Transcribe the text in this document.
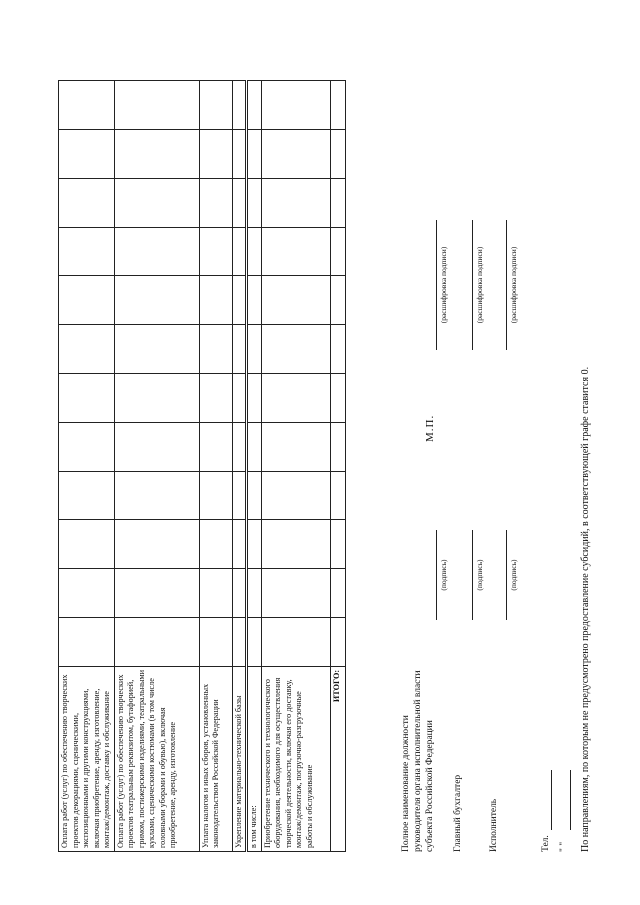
Оплата работ (услуг) по обеспечению творческих проектов декорациями, сценическими, экспозиционными и другими конструкциями, включая приобретение, аренду, изготовление, монтаж/демонтаж, доставку и обслуживание												
Оплата работ (услуг) по обеспечению творческих проектов театральным реквизитом, бутафорией, гримом, постижерскими изделиями, театральными куклами, сценическими костюмами (в том числе головными уборами и обувью), включая приобретение, аренду, изготовление												
Уплата налогов и иных сборов, установленных законодательством Российской Федерации												
Укрепление материально-технической базы												
в том числе:												
Приобретение технического и технологического оборудования, необходимого для осуществления творческой деятельности, включая его доставку, монтаж/демонтаж, погрузочно-разгрузочные работы и обслуживание												
ИТОГО:												
Полное наименование должности руководителя органа исполнительной власти субъекта Российской Федерации
(подпись)
М.П.
(расшифровка подписи)
Главный бухгалтер
(подпись)
(расшифровка подписи)
Исполнитель
(подпись)
(расшифровка подписи)
Тел. " " По направлениям, по которым не предусмотрено предоставление субсидий, в соответствующей графе ставится 0.
